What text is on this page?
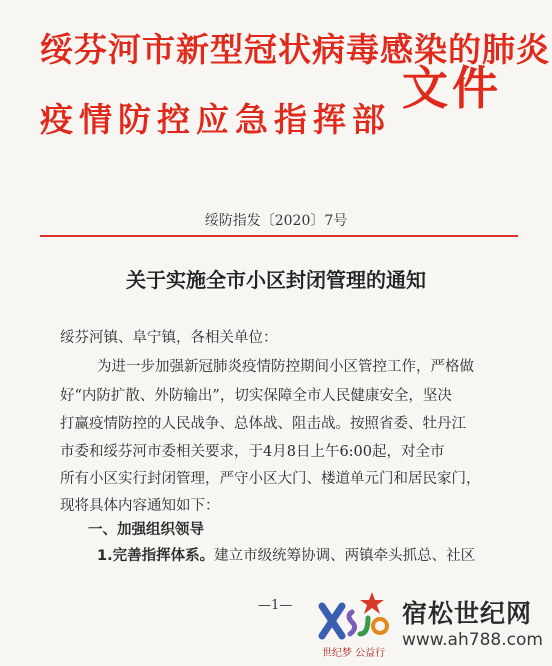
绥芬河市新型冠状病毒感染的肺炎
疫情防控应急指挥部
文件
绥防指发〔2020〕7号
关于实施全市小区封闭管理的通知
绥芬河镇、阜宁镇，各相关单位：
为进一步加强新冠肺炎疫情防控期间小区管控工作，严格做
好“内防扩散、外防输出”，切实保障全市人民健康安全，坚决
打赢疫情防控的人民战争、总体战、阻击战。按照省委、牡丹江
市委和绥芬河市委相关要求，于4月8日上午6:00起，对全市
所有小区实行封闭管理，严守小区大门、楼道单元门和居民家门，
现将具体内容通知如下：
一、加强组织领导
1.完善指挥体系。建立市级统筹协调、两镇牵头抓总、社区
—1—	宿松世纪网
www.ah788.com
世纪梦 公益行
